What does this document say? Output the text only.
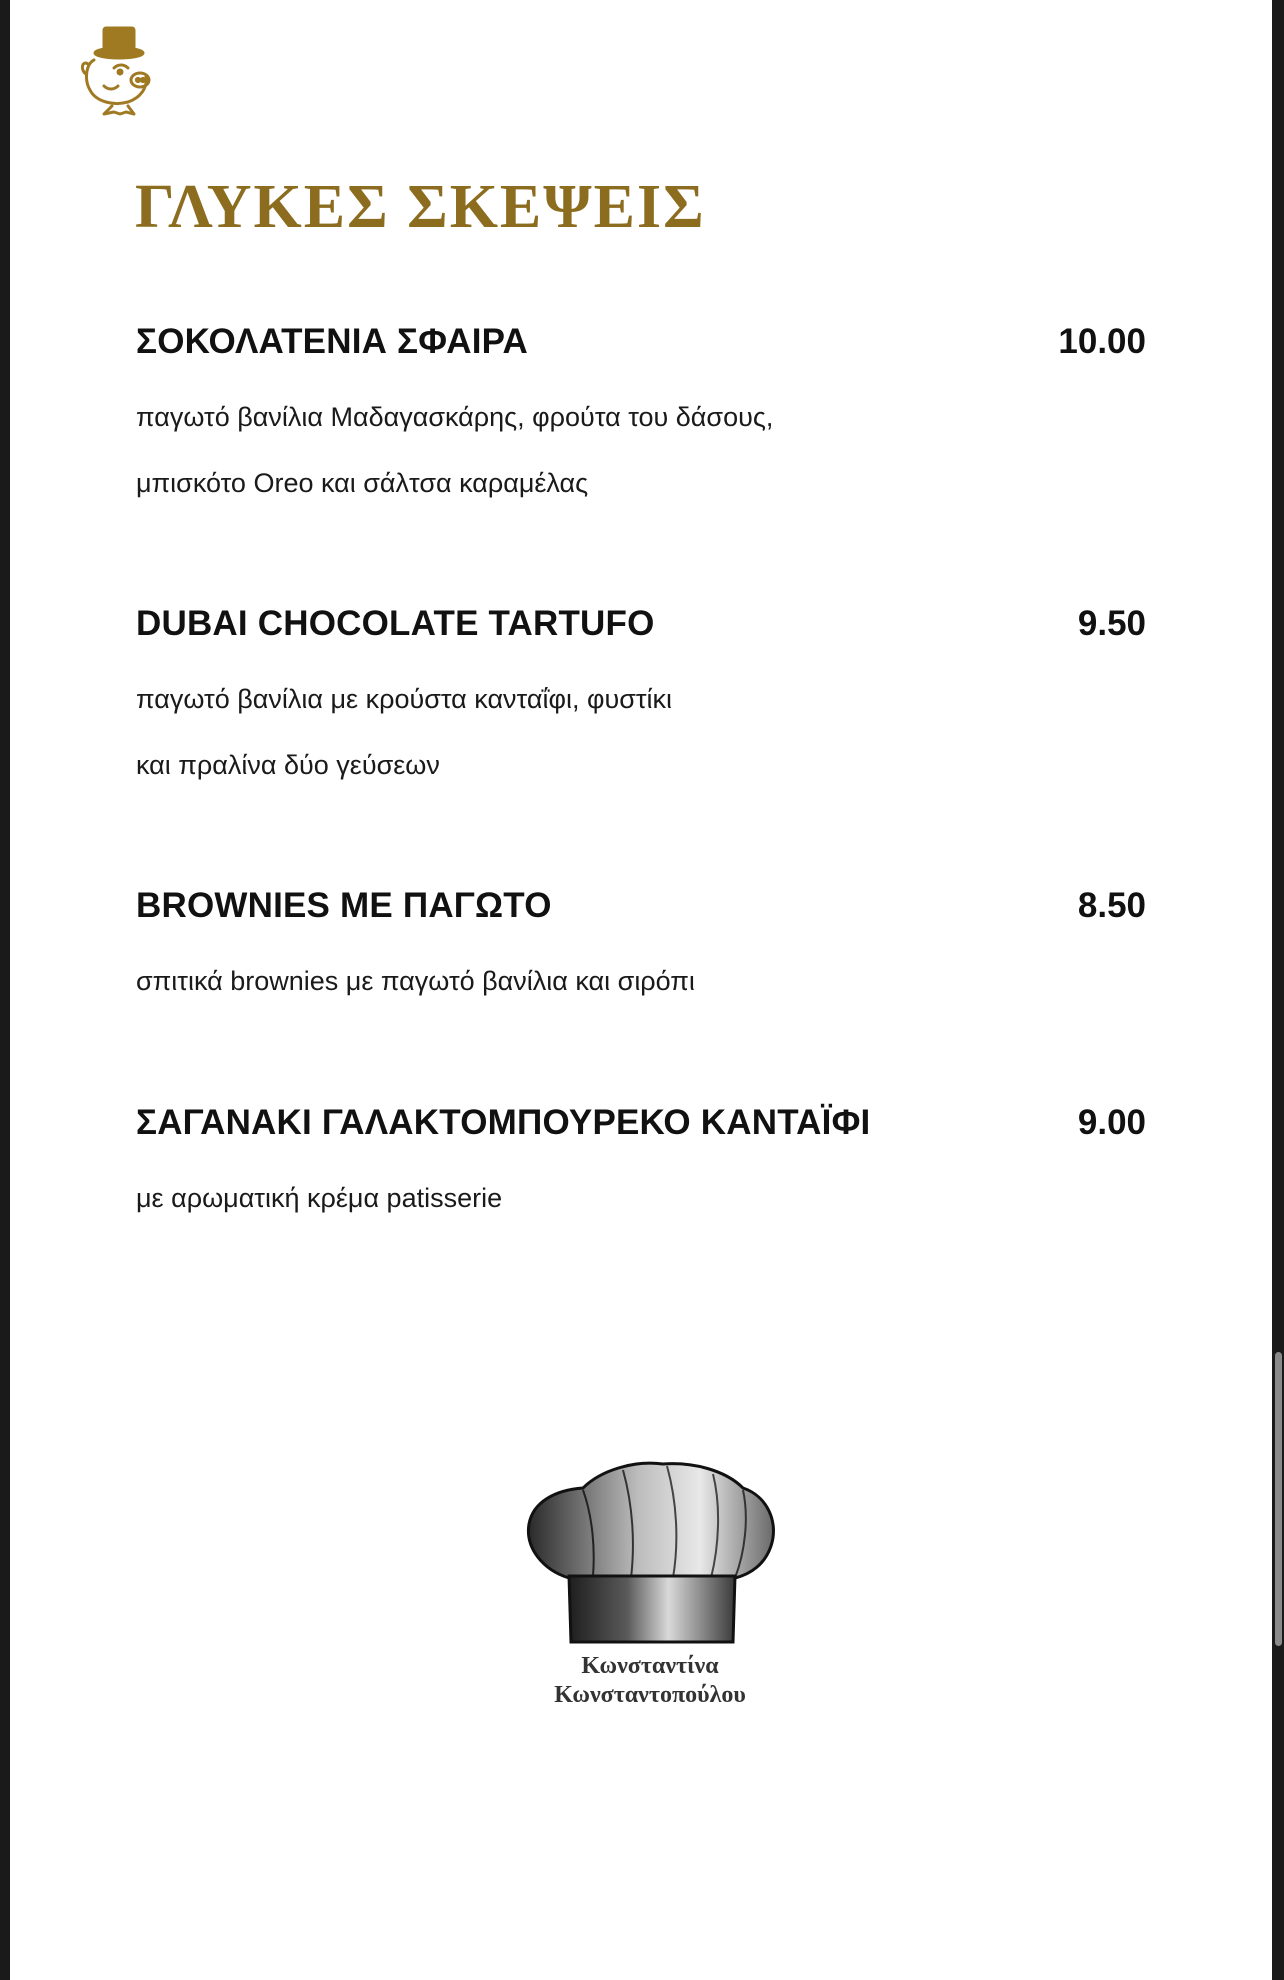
ΓΛΥΚΕΣ ΣΚΕΨΕΙΣ
ΣΟΚΟΛΑΤΕΝΙΑ ΣΦΑΙΡΑ	10.00
παγωτό βανίλια Μαδαγασκάρης, φρούτα του δάσους,
μπισκότο Oreo και σάλτσα καραμέλας
DUBAI CHOCOLATE TARTUFO	9.50
παγωτό βανίλια με κρούστα κανταΐφι, φυστίκι
και πραλίνα δύο γεύσεων
BROWNIES ΜΕ ΠΑΓΩΤΟ	8.50
σπιτικά brownies με παγωτό βανίλια και σιρόπι
ΣΑΓΑΝΑΚΙ ΓΑΛΑΚΤΟΜΠΟΥΡΕΚΟ ΚΑΝΤΑΪΦΙ	9.00
με αρωματική κρέμα patisserie
Κωνσταντίνα
Κωνσταντοπούλου
